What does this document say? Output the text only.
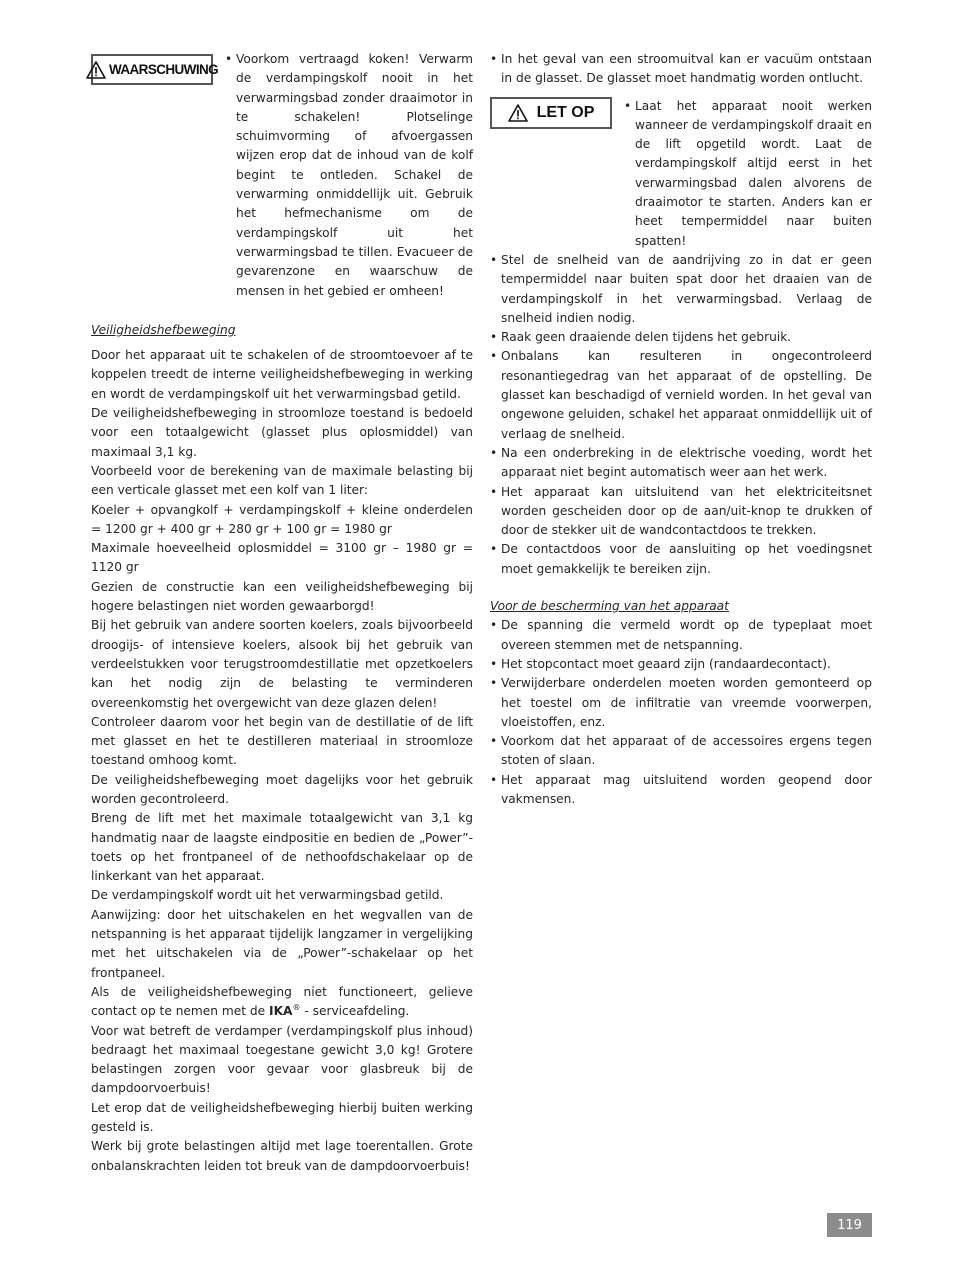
WAARSCHUWING
• Voorkom vertraagd koken! Verwarm de verdampingskolf nooit in het verwarmingsbad zonder draaimotor in te schakelen! Plotselinge schuimvorming of afvoergassen wijzen erop dat de inhoud van de kolf begint te ontleden. Schakel de verwarming onmiddellijk uit. Gebruik het hefmechanisme om de verdampingskolf uit het verwarmingsbad te tillen. Evacueer de gevarenzone en waarschuw de mensen in het gebied er omheen!

Veiligheidshefbeweging

Door het apparaat uit te schakelen of de stroomtoevoer af te koppelen treedt de interne veiligheidshefbeweging in werking en wordt de verdampingskolf uit het verwarmingsbad getild.

De veiligheidshefbeweging in stroomloze toestand is bedoeld voor een totaalgewicht (glasset plus oplosmiddel) van maximaal 3,1 kg.

Voorbeeld voor de berekening van de maximale belasting bij een verticale glasset met een kolf van 1 liter:

Koeler + opvangkolf + verdampingskolf + kleine onderdelen = 1200 gr + 400 gr + 280 gr + 100 gr = 1980 gr

Maximale hoeveelheid oplosmiddel = 3100 gr – 1980 gr = 1120 gr

Gezien de constructie kan een veiligheidshefbeweging bij hogere belastingen niet worden gewaarborgd!

Bij het gebruik van andere soorten koelers, zoals bijvoorbeeld droogijs- of intensieve koelers, alsook bij het gebruik van verdeelstukken voor terugstroomdestillatie met opzetkoelers kan het nodig zijn de belasting te verminderen overeenkomstig het overgewicht van deze glazen delen!

Controleer daarom voor het begin van de destillatie of de lift met glasset en het te destilleren materiaal in stroomloze toestand omhoog komt.

De veiligheidshefbeweging moet dagelijks voor het gebruik worden gecontroleerd.

Breng de lift met het maximale totaalgewicht van 3,1 kg handmatig naar de laagste eindpositie en bedien de „Power”-toets op het frontpaneel of de nethoofdschakelaar op de linkerkant van het apparaat.

De verdampingskolf wordt uit het verwarmingsbad getild.

Aanwijzing: door het uitschakelen en het wegvallen van de netspanning is het apparaat tijdelijk langzamer in vergelijking met het uitschakelen via de „Power”-schakelaar op het frontpaneel.

Als de veiligheidshefbeweging niet functioneert, gelieve contact op te nemen met de IKA® - serviceafdeling.

Voor wat betreft de verdamper (verdampingskolf plus inhoud) bedraagt het maximaal toegestane gewicht 3,0 kg! Grotere belastingen zorgen voor gevaar voor glasbreuk bij de dampdoorvoerbuis!

Let erop dat de veiligheidshefbeweging hierbij buiten werking gesteld is.

Werk bij grote belastingen altijd met lage toerentallen. Grote onbalanskrachten leiden tot breuk van de dampdoorvoerbuis!

• In het geval van een stroomuitval kan er vacuüm ontstaan in de glasset. De glasset moet handmatig worden ontlucht.
LET OP
•	Laat het apparaat nooit werken wanneer de verdampingskolf draait en de lift opgetild wordt. Laat de verdampingskolf altijd eerst in het verwarmingsbad dalen alvorens de draaimotor te starten. Anders kan er heet tempermiddel naar buiten spatten!
• Stel de snelheid van de aandrijving zo in dat er geen tempermiddel naar buiten spat door het draaien van de verdampingskolf in het verwarmingsbad. Verlaag de snelheid indien nodig.
• Raak geen draaiende delen tijdens het gebruik.
• Onbalans kan resulteren in ongecontroleerd resonantiegedrag van het apparaat of de opstelling. De glasset kan beschadigd of vernield worden. In het geval van ongewone geluiden, schakel het apparaat onmiddellijk uit of verlaag de snelheid.
• Na een onderbreking in de elektrische voeding, wordt het apparaat niet begint automatisch weer aan het werk.
• Het apparaat kan uitsluitend van het elektriciteitsnet worden gescheiden door op de aan/uit-knop te drukken of door de stekker uit de wandcontactdoos te trekken.
• De contactdoos voor de aansluiting op het voedingsnet moet gemakkelijk te bereiken zijn.

Voor de bescherming van het apparaat

• De spanning die vermeld wordt op de typeplaat moet overeen stemmen met de netspanning.
• Het stopcontact moet geaard zijn (randaardecontact).
• Verwijderbare onderdelen moeten worden gemonteerd op het toestel om de infiltratie van vreemde voorwerpen, vloeistoffen, enz.
• Voorkom dat het apparaat of de accessoires ergens tegen stoten of slaan.
• Het apparaat mag uitsluitend worden geopend door vakmensen.
119
